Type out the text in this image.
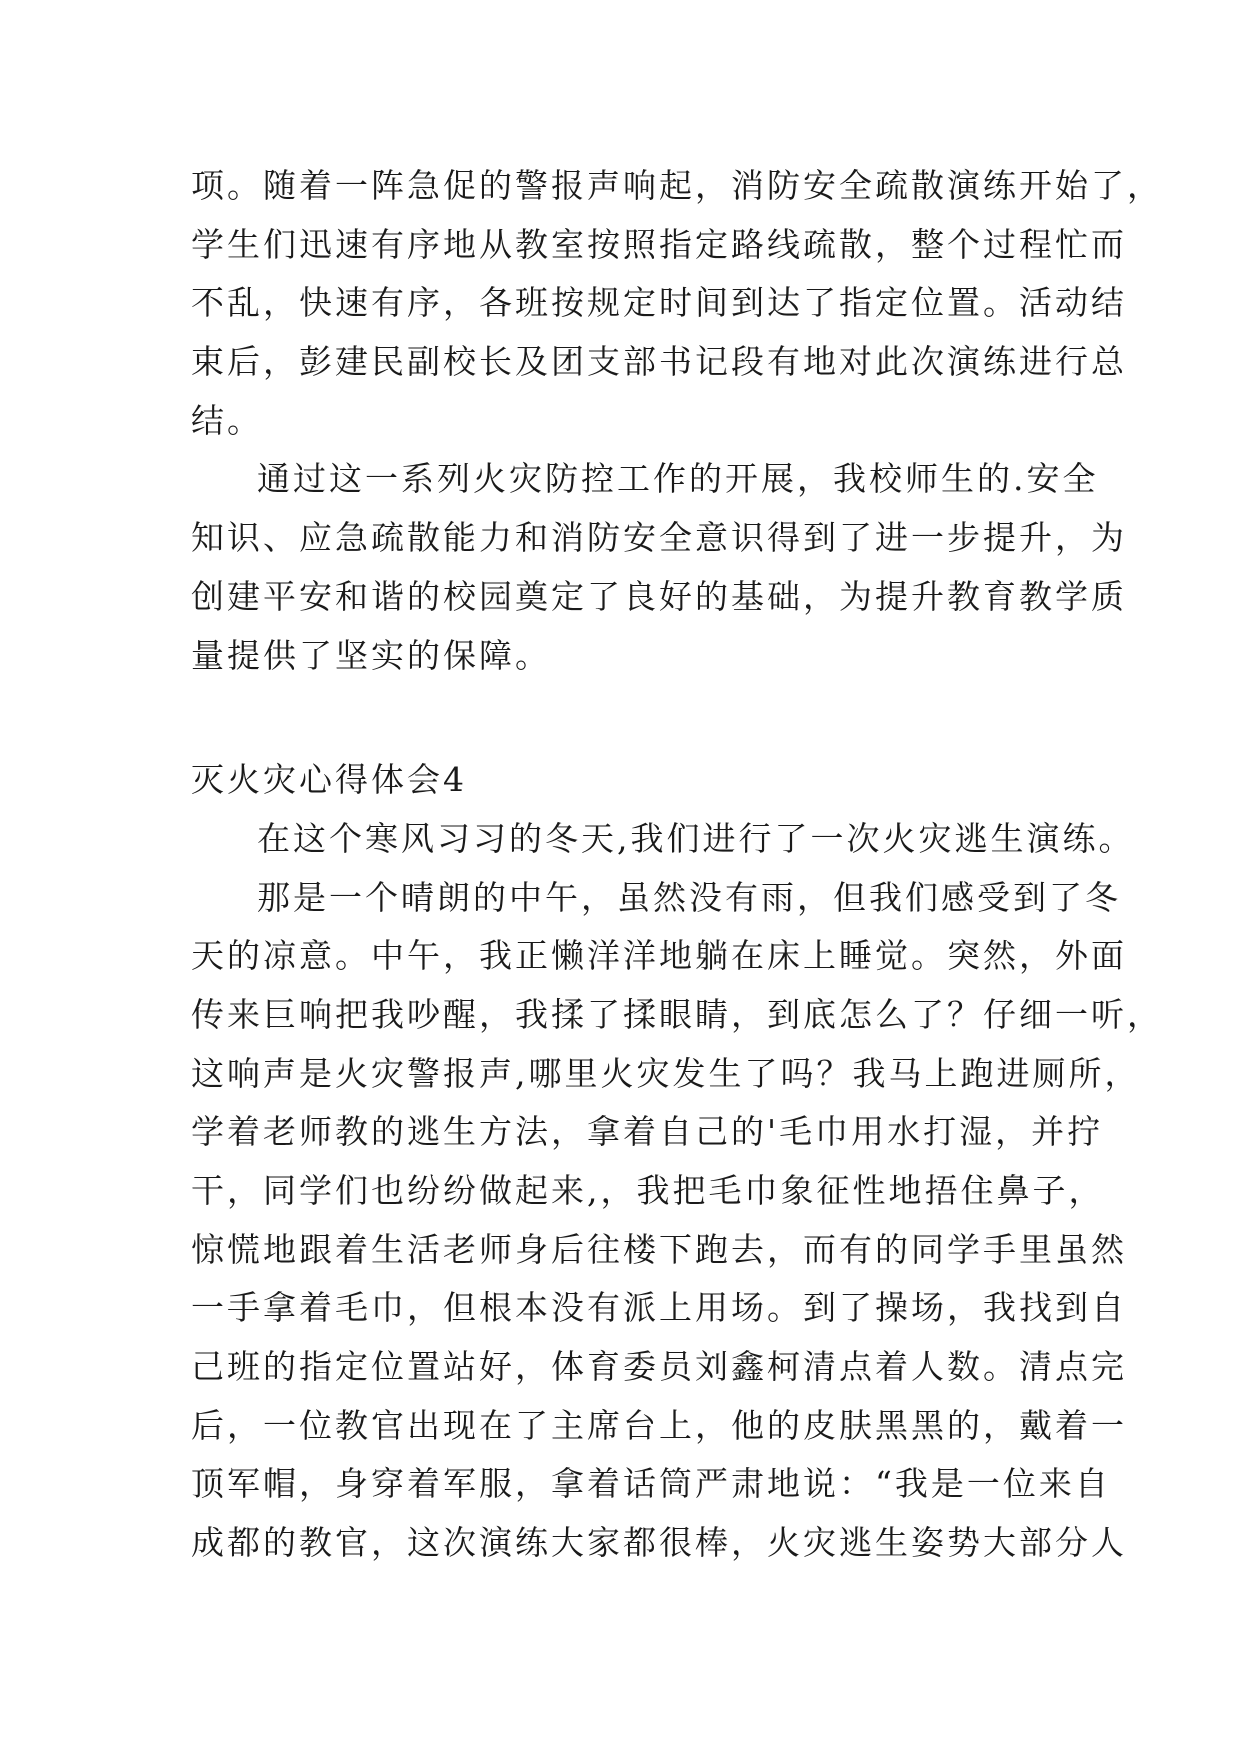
项。随着一阵急促的警报声响起，消防安全疏散演练开始了，
学生们迅速有序地从教室按照指定路线疏散，整个过程忙而
不乱，快速有序，各班按规定时间到达了指定位置。活动结
束后，彭建民副校长及团支部书记段有地对此次演练进行总
结。
通过这一系列火灾防控工作的开展，我校师生的.安全
知识、应急疏散能力和消防安全意识得到了进一步提升，为
创建平安和谐的校园奠定了良好的基础，为提升教育教学质
量提供了坚实的保障。
灭火灾心得体会4
在这个寒风习习的冬天,我们进行了一次火灾逃生演练。
那是一个晴朗的中午，虽然没有雨，但我们感受到了冬
天的凉意。中午，我正懒洋洋地躺在床上睡觉。突然，外面
传来巨响把我吵醒，我揉了揉眼睛，到底怎么了？仔细一听，
这响声是火灾警报声,哪里火灾发生了吗？我马上跑进厕所，
学着老师教的逃生方法，拿着自己的'毛巾用水打湿，并拧
干，同学们也纷纷做起来,，我把毛巾象征性地捂住鼻子，
惊慌地跟着生活老师身后往楼下跑去，而有的同学手里虽然
一手拿着毛巾，但根本没有派上用场。到了操场，我找到自
己班的指定位置站好，体育委员刘鑫柯清点着人数。清点完
后，一位教官出现在了主席台上，他的皮肤黑黑的，戴着一
顶军帽，身穿着军服，拿着话筒严肃地说：“我是一位来自
成都的教官，这次演练大家都很棒，火灾逃生姿势大部分人
